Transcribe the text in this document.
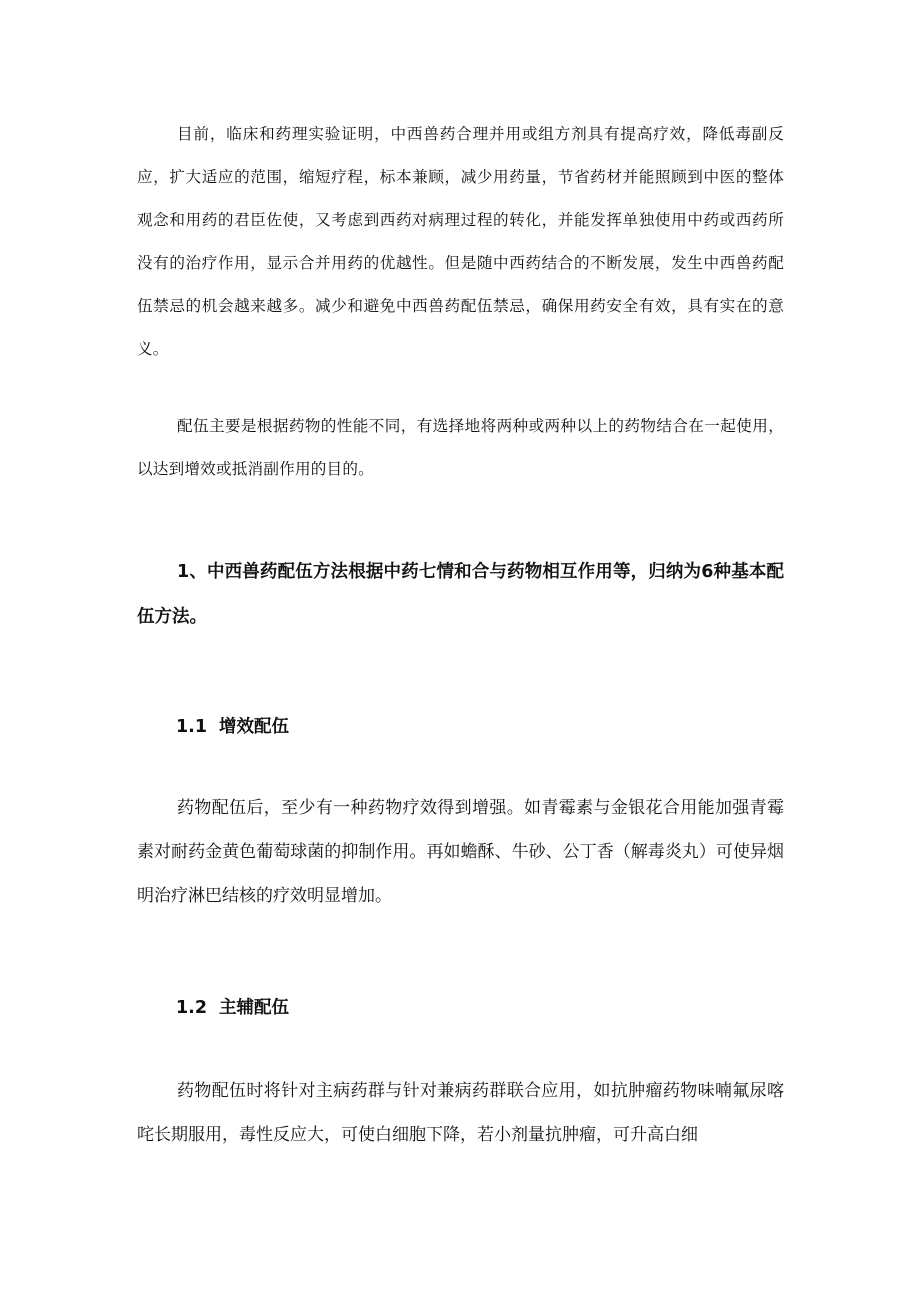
目前，临床和药理实验证明，中西兽药合理并用或组方剂具有提高疗效，降低毒副反应，扩大适应的范围，缩短疗程，标本兼顾，减少用药量，节省药材并能照顾到中医的整体观念和用药的君臣佐使，又考虑到西药对病理过程的转化，并能发挥单独使用中药或西药所没有的治疗作用，显示合并用药的优越性。但是随中西药结合的不断发展，发生中西兽药配伍禁忌的机会越来越多。减少和避免中西兽药配伍禁忌，确保用药安全有效，具有实在的意义。

配伍主要是根据药物的性能不同，有选择地将两种或两种以上的药物结合在一起使用，以达到增效或抵消副作用的目的。

1、中西兽药配伍方法根据中药七情和合与药物相互作用等，归纳为6种基本配伍方法。
1.1 增效配伍

药物配伍后，至少有一种药物疗效得到增强。如青霉素与金银花合用能加强青霉素对耐药金黄色葡萄球菌的抑制作用。再如蟾酥、牛砂、公丁香（解毒炎丸）可使异烟明治疗淋巴结核的疗效明显增加。

1.2 主辅配伍

药物配伍时将针对主病药群与针对兼病药群联合应用，如抗肿瘤药物味喃氟尿喀咤长期服用，毒性反应大，可使白细胞下降，若小剂量抗肿瘤，可升高白细
